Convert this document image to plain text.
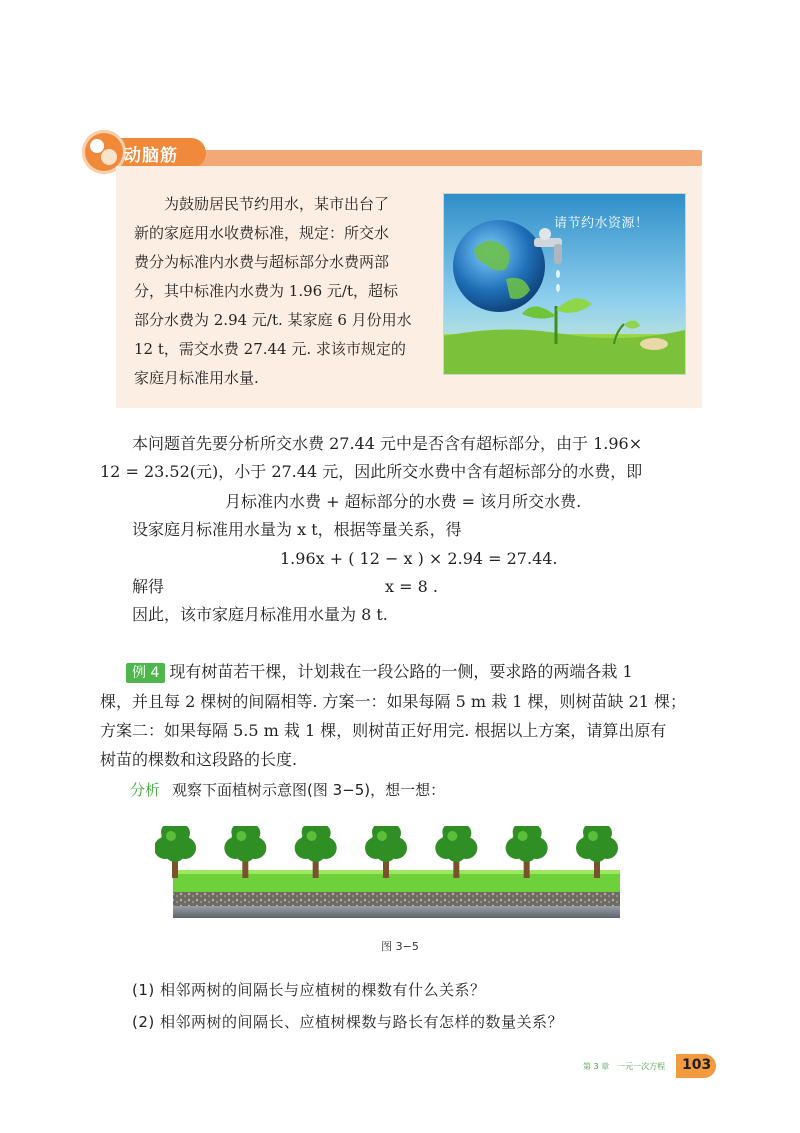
动脑筋
为鼓励居民节约用水，某市出台了
新的家庭用水收费标准，规定：所交水
费分为标准内水费与超标部分水费两部
分，其中标准内水费为 1.96 元/t，超标
部分水费为 2.94 元/t. 某家庭 6 月份用水
12 t，需交水费 27.44 元. 求该市规定的
家庭月标准用水量.
请节约水资源！
本问题首先要分析所交水费 27.44 元中是否含有超标部分，由于 1.96×
12 = 23.52(元)，小于 27.44 元，因此所交水费中含有超标部分的水费，即
月标准内水费 + 超标部分的水费 = 该月所交水费.
设家庭月标准用水量为 x t，根据等量关系，得
1.96x + ( 12 − x ) × 2.94 = 27.44.
解得	x = 8 .
因此，该市家庭月标准用水量为 8 t.
例 4 现有树苗若干棵，计划栽在一段公路的一侧，要求路的两端各栽 1
棵，并且每 2 棵树的间隔相等. 方案一：如果每隔 5 m 栽 1 棵，则树苗缺 21 棵；
方案二：如果每隔 5.5 m 栽 1 棵，则树苗正好用完. 根据以上方案，请算出原有
树苗的棵数和这段路的长度.
分析 观察下面植树示意图(图 3−5)，想一想：
图 3−5
(1) 相邻两树的间隔长与应植树的棵数有什么关系？
(2) 相邻两树的间隔长、应植树棵数与路长有怎样的数量关系？
第 3 章　一元一次方程 103
